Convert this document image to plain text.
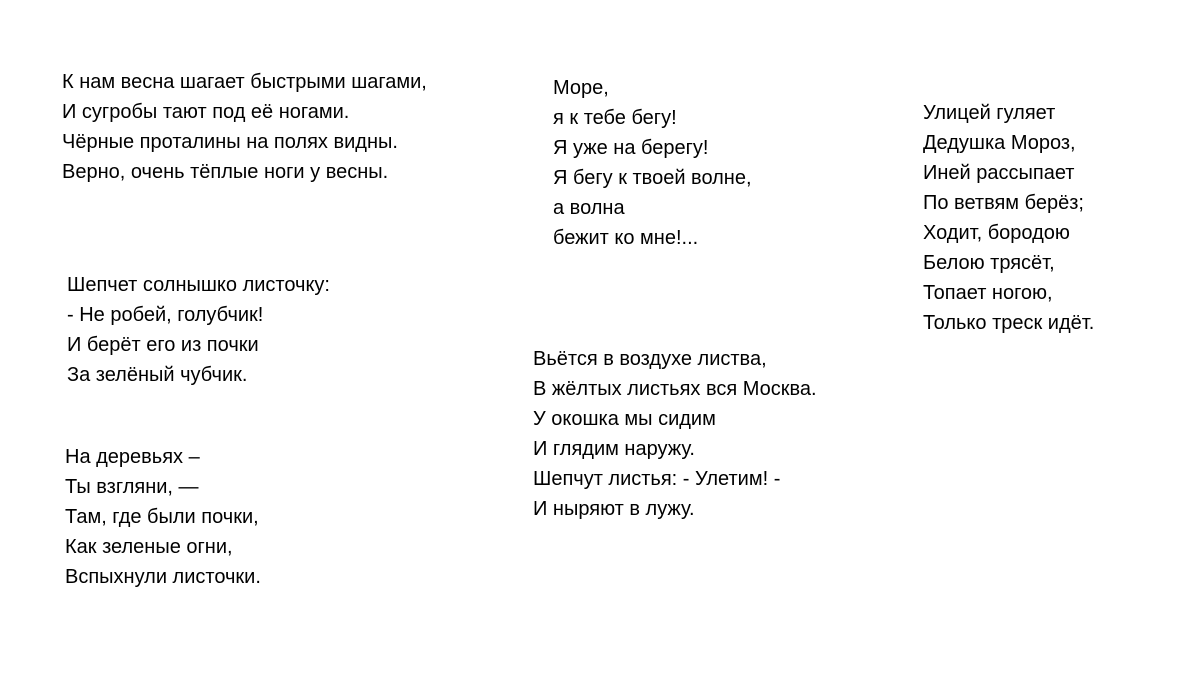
К нам весна шагает быстрыми шагами,
И сугробы тают под её ногами.
Чёрные проталины на полях видны.
Верно, очень тёплые ноги у весны.
Шепчет солнышко листочку:
- Не робей, голубчик!
И берёт его из почки
За зелёный чубчик.
На деревьях –
Ты взгляни, —
Там, где были почки,
Как зеленые огни,
Вспыхнули листочки.
Море,
я к тебе бегу!
Я уже на берегу!
Я бегу к твоей волне,
а волна
бежит ко мне!...
Вьётся в воздухе листва,
В жёлтых листьях вся Москва.
У окошка мы сидим
И глядим наружу.
Шепчут листья: - Улетим! -
И ныряют в лужу.
Улицей гуляет
Дедушка Мороз,
Иней рассыпает
По ветвям берёз;
Ходит, бородою
Белою трясёт,
Топает ногою,
Только треск идёт.
